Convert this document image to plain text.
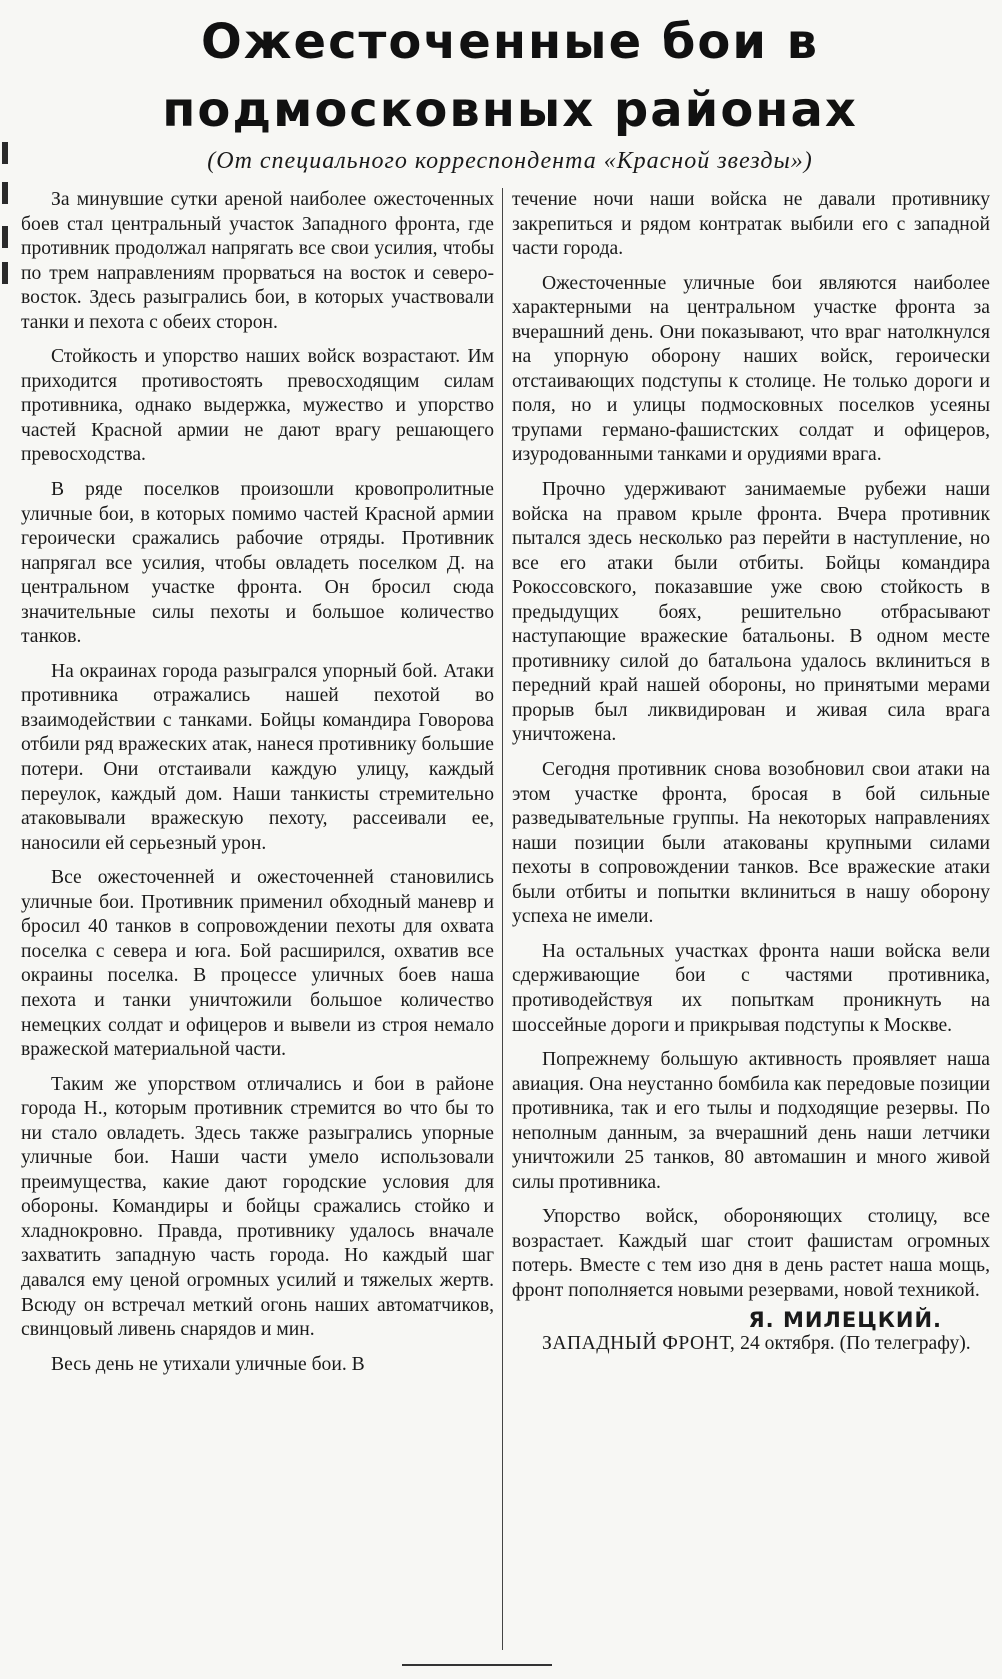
Ожесточенные бои в
подмосковных районах
(От специального корреспондента «Красной звезды»)

За минувшие сутки ареной наиболее ожесточенных боев стал центральный участок Западного фронта, где противник продолжал напрягать все свои усилия, чтобы по трем направлениям прорваться на восток и северо-восток. Здесь разыгрались бои, в которых участвовали танки и пехота с обеих сторон.

Стойкость и упорство наших войск возрастают. Им приходится противостоять превосходящим силам противника, однако выдержка, мужество и упорство частей Красной армии не дают врагу решающего превосходства.

В ряде поселков произошли кровопролитные уличные бои, в которых помимо частей Красной армии героически сражались рабочие отряды. Противник напрягал все усилия, чтобы овладеть поселком Д. на центральном участке фронта. Он бросил сюда значительные силы пехоты и большое количество танков.

На окраинах города разыгрался упорный бой. Атаки противника отражались нашей пехотой во взаимодействии с танками. Бойцы командира Говорова отбили ряд вражеских атак, нанеся противнику большие потери. Они отстаивали каждую улицу, каждый переулок, каждый дом. Наши танкисты стремительно атаковывали вражескую пехоту, рассеивали ее, наносили ей серьезный урон.

Все ожесточенней и ожесточенней становились уличные бои. Противник применил обходный маневр и бросил 40 танков в сопровождении пехоты для охвата поселка с севера и юга. Бой расширился, охватив все окраины поселка. В процессе уличных боев наша пехота и танки уничтожили большое количество немецких солдат и офицеров и вывели из строя немало вражеской материальной части.

Таким же упорством отличались и бои в районе города Н., которым противник стремится во что бы то ни стало овладеть. Здесь также разыгрались упорные уличные бои. Наши части умело использовали преимущества, какие дают городские условия для обороны. Командиры и бойцы сражались стойко и хладнокровно. Правда, противнику удалось вначале захватить западную часть города. Но каждый шаг давался ему ценой огромных усилий и тяжелых жертв. Всюду он встречал меткий огонь наших автоматчиков, свинцовый ливень снарядов и мин.

Весь день не утихали уличные бои. В

течение ночи наши войска не давали противнику закрепиться и рядом контратак выбили его с западной части города.

Ожесточенные уличные бои являются наиболее характерными на центральном участке фронта за вчерашний день. Они показывают, что враг натолкнулся на упорную оборону наших войск, героически отстаивающих подступы к столице. Не только дороги и поля, но и улицы подмосковных поселков усеяны трупами германо-фашистских солдат и офицеров, изуродованными танками и орудиями врага.

Прочно удерживают занимаемые рубежи наши войска на правом крыле фронта. Вчера противник пытался здесь несколько раз перейти в наступление, но все его атаки были отбиты. Бойцы командира Рокоссовского, показавшие уже свою стойкость в предыдущих боях, решительно отбрасывают наступающие вражеские батальоны. В одном месте противнику силой до батальона удалось вклиниться в передний край нашей обороны, но принятыми мерами прорыв был ликвидирован и живая сила врага уничтожена.

Сегодня противник снова возобновил свои атаки на этом участке фронта, бросая в бой сильные разведывательные группы. На некоторых направлениях наши позиции были атакованы крупными силами пехоты в сопровождении танков. Все вражеские атаки были отбиты и попытки вклиниться в нашу оборону успеха не имели.

На остальных участках фронта наши войска вели сдерживающие бои с частями противника, противодействуя их попыткам проникнуть на шоссейные дороги и прикрывая подступы к Москве.

Попрежнему большую активность проявляет наша авиация. Она неустанно бомбила как передовые позиции противника, так и его тылы и подходящие резервы. По неполным данным, за вчерашний день наши летчики уничтожили 25 танков, 80 автомашин и много живой силы противника.

Упорство войск, обороняющих столицу, все возрастает. Каждый шаг стоит фашистам огромных потерь. Вместе с тем изо дня в день растет наша мощь, фронт пополняется новыми резервами, новой техникой.

Я. МИЛЕЦКИЙ.

ЗАПАДНЫЙ ФРОНТ, 24 октября. (По телеграфу).
